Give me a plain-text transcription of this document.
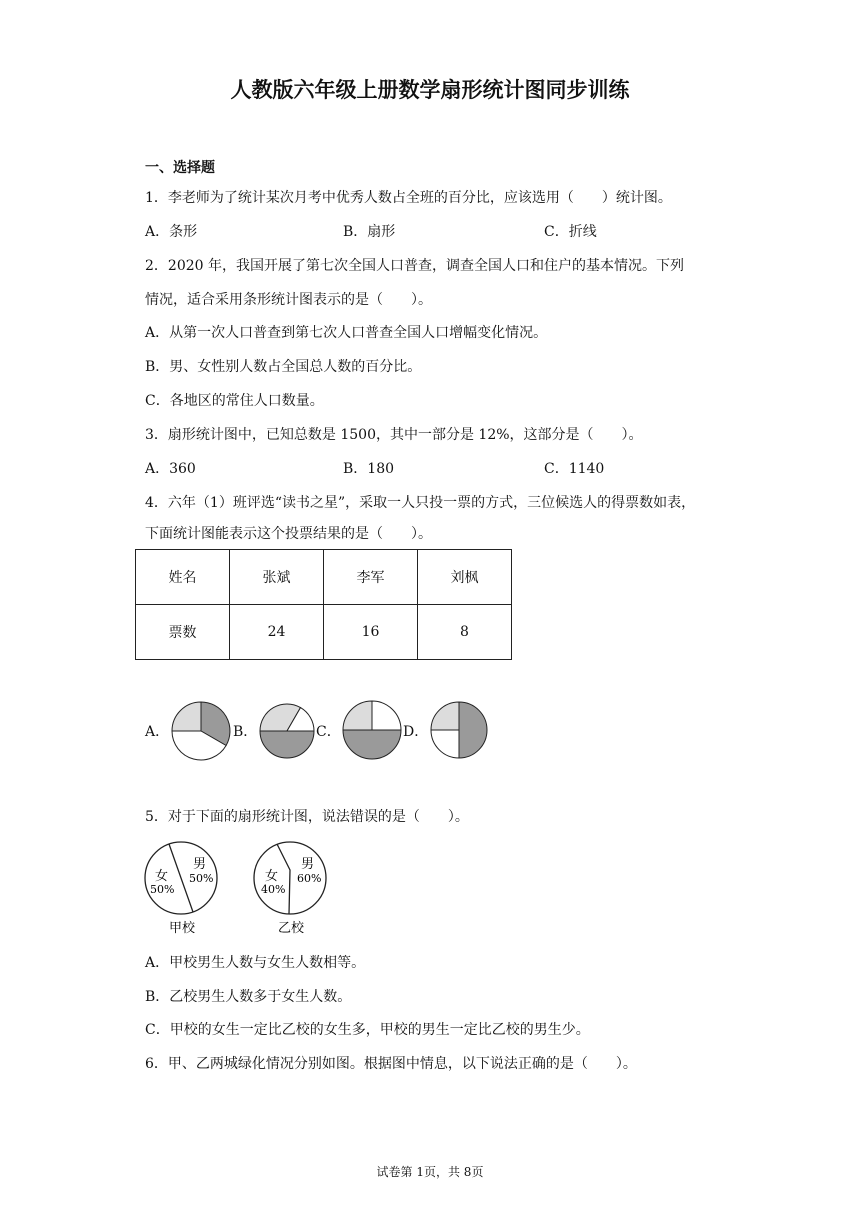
人教版六年级上册数学扇形统计图同步训练
一、选择题
1．李老师为了统计某次月考中优秀人数占全班的百分比，应该选用（　　）统计图。
A．条形	B．扇形	C．折线
2．2020 年，我国开展了第七次全国人口普查，调查全国人口和住户的基本情况。下列
情况，适合采用条形统计图表示的是（　　）。
A．从第一次人口普查到第七次人口普查全国人口增幅变化情况。
B．男、女性别人数占全国总人数的百分比。
C．各地区的常住人口数量。
3．扇形统计图中，已知总数是 1500，其中一部分是 12%，这部分是（　　）。
A．360	B．180	C．1140
4．六年（1）班评选“读书之星”，采取一人只投一票的方式，三位候选人的得票数如表，
下面统计图能表示这个投票结果的是（　　）。
姓名	张斌	李军	刘枫
票数	24	16	8
A．	B．	C．	D．
5．对于下面的扇形统计图，说法错误的是（　　）。
女
50%
男
50%
甲校
女
40%
男
60%
乙校
A．甲校男生人数与女生人数相等。
B．乙校男生人数多于女生人数。
C．甲校的女生一定比乙校的女生多，甲校的男生一定比乙校的男生少。
6．甲、乙两城绿化情况分别如图。根据图中情息，以下说法正确的是（　　）。
试卷第 1页，共 8页
